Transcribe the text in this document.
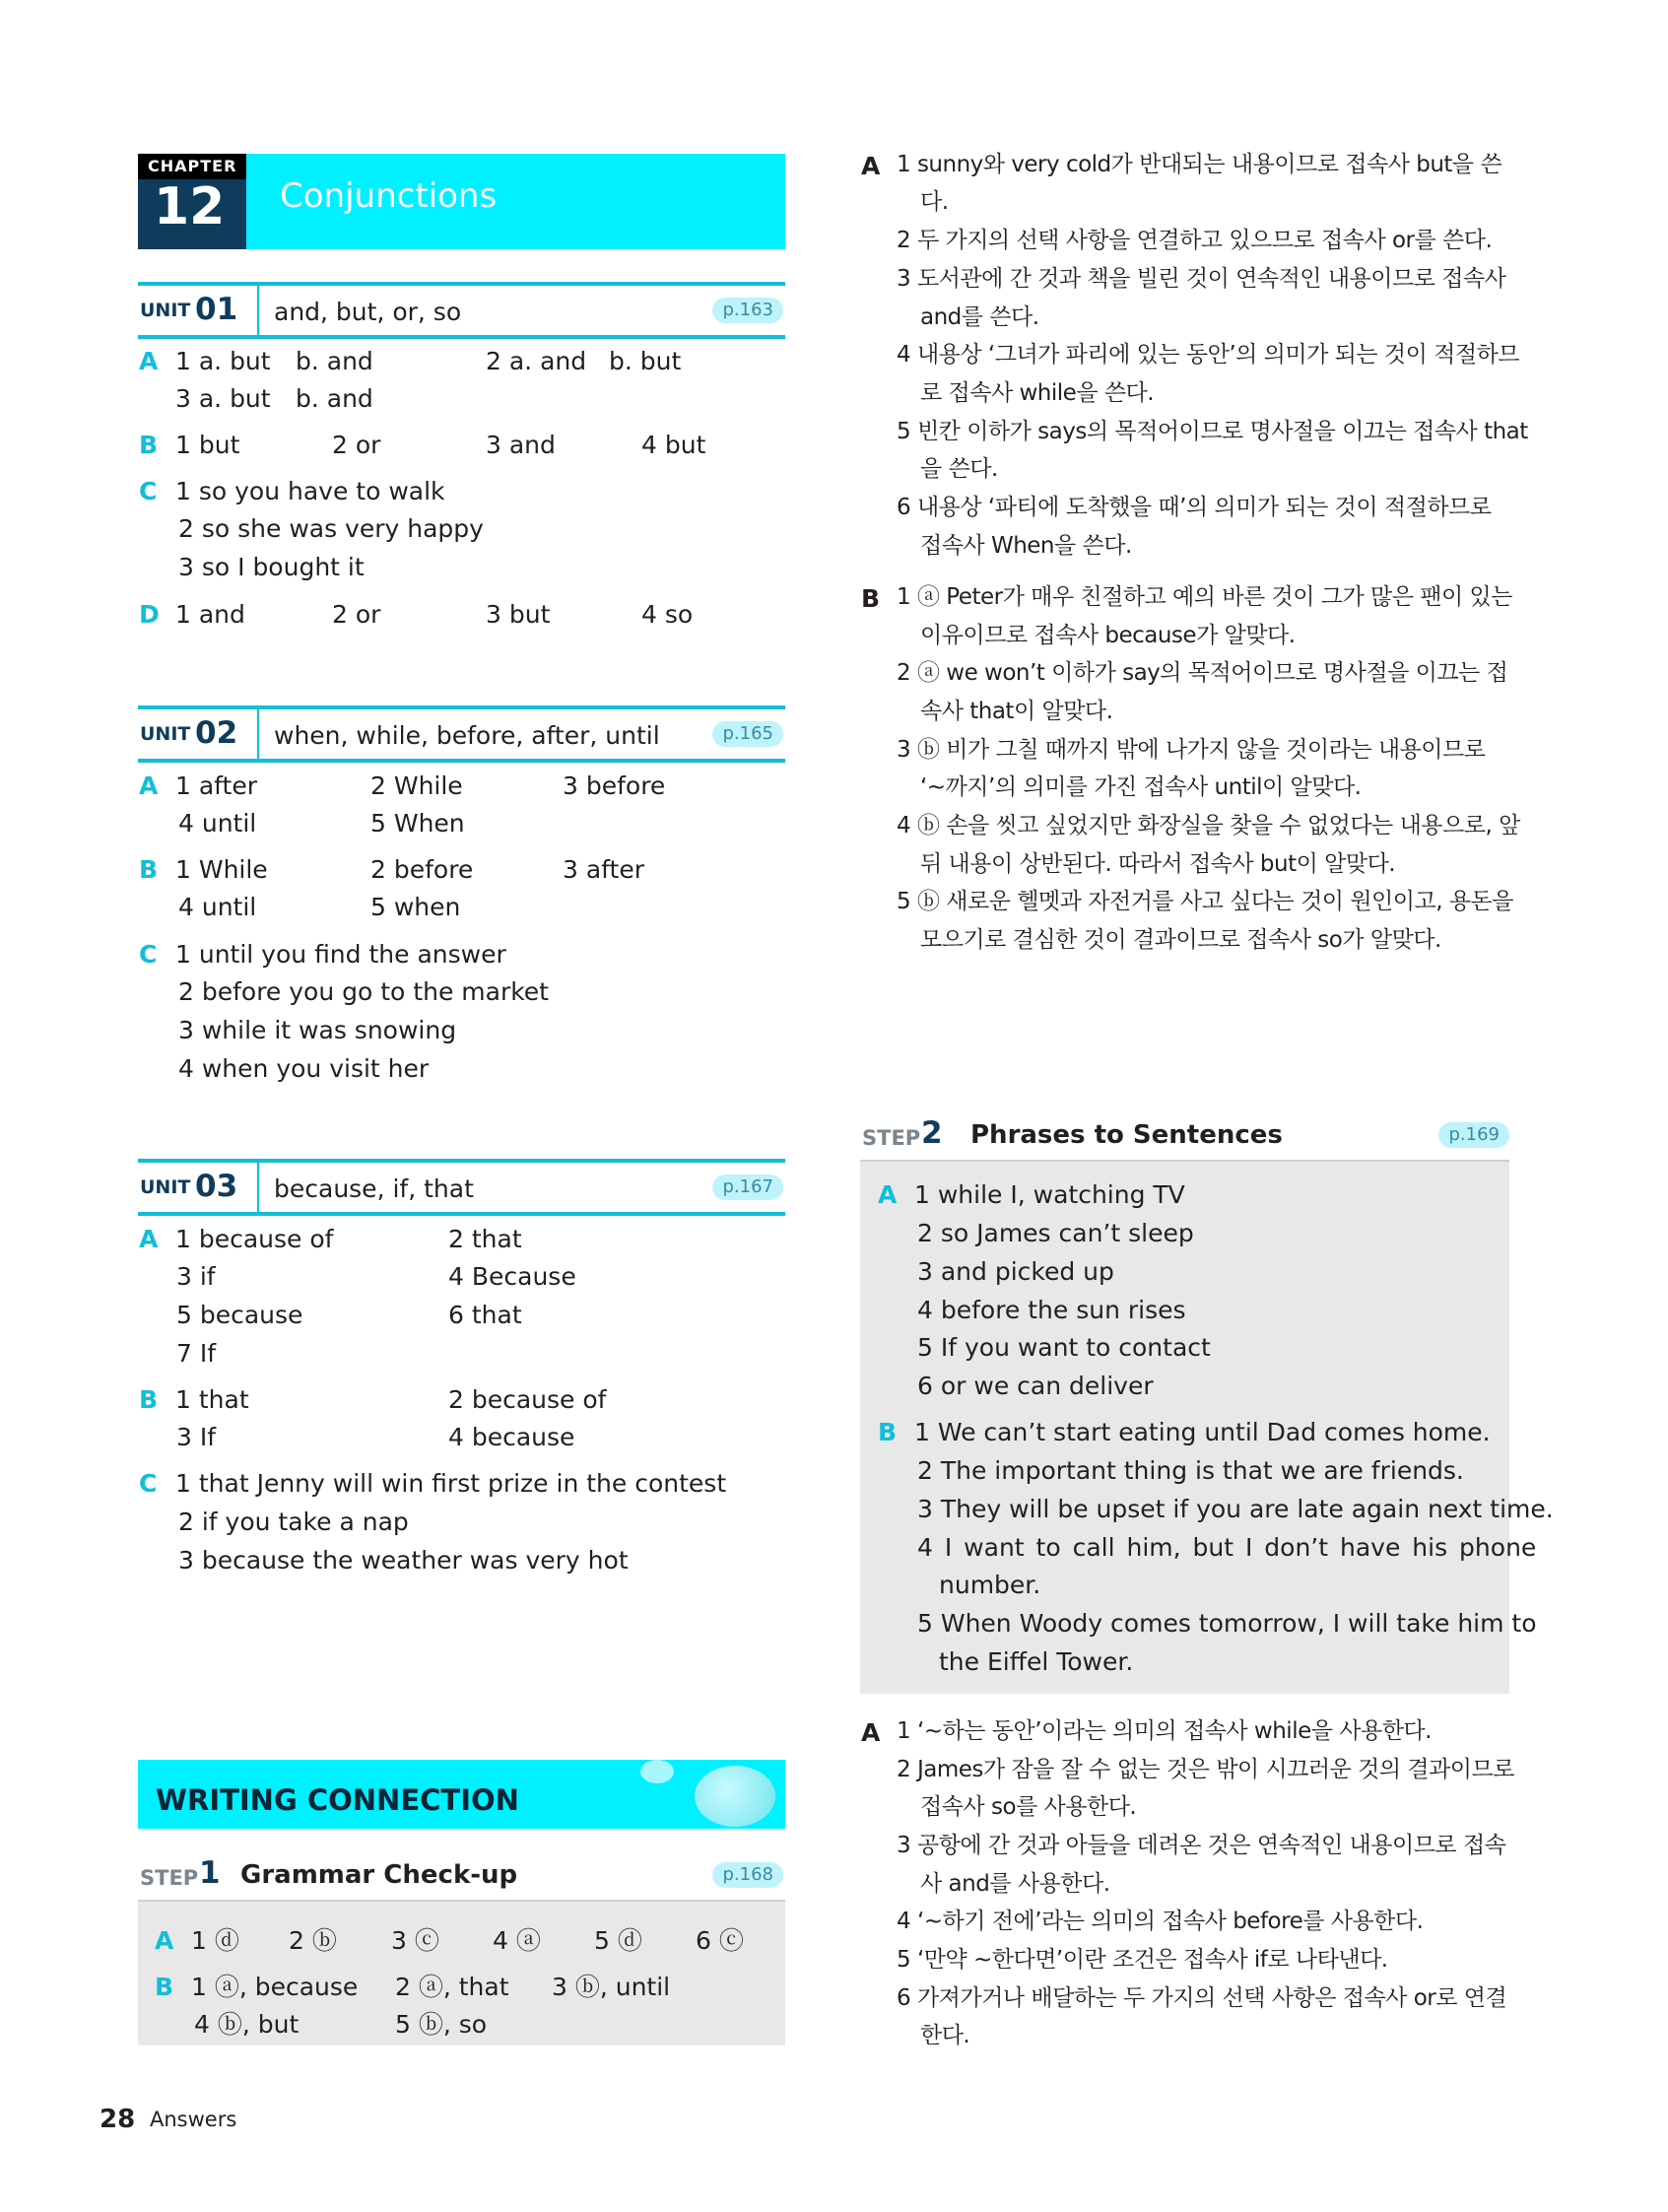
CHAPTER
12 Conjunctions
UNIT 01 and, but, or, so	p.163
A 1 a. but b. and	2 a. and b. but
3 a. but b. and
B 1 but	2 or	3 and	4 but
C 1 so you have to walk
2 so she was very happy
3 so I bought it
D 1 and	2 or	3 but	4 so
UNIT 02 when, while, before, after, until	p.165
A 1 after	2 While	3 before
4 until	5 When
B 1 While	2 before	3 after
4 until	5 when
C 1 until you find the answer
2 before you go to the market
3 while it was snowing
4 when you visit her
UNIT 03 because, if, that	p.167
A 1 because of	2 that
3 if	4 Because
5 because	6 that
7 If
B 1 that	2 because of
3 If	4 because
C 1 that Jenny will win first prize in the contest
2 if you take a nap
3 because the weather was very hot
WRITING CONNECTION
STEP 1 Grammar Check-up	p.168
A 1 ⓓ 2 ⓑ 3 ⓒ 4 ⓐ 5 ⓓ 6 ⓒ
B 1 ⓐ, because 2 ⓐ, that 3 ⓑ, until
4 ⓑ, but	5 ⓑ, so
28 Answers
A 1 sunny와 very cold가 반대되는 내용이므로 접속사 but을 쓴
다.
2 두 가지의 선택 사항을 연결하고 있으므로 접속사 or를 쓴다.
3 도서관에 간 것과 책을 빌린 것이 연속적인 내용이므로 접속사
and를 쓴다.
4 내용상 ‘그녀가 파리에 있는 동안’의 의미가 되는 것이 적절하므
로 접속사 while을 쓴다.
5 빈칸 이하가 says의 목적어이므로 명사절을 이끄는 접속사 that
을 쓴다.
6 내용상 ‘파티에 도착했을 때’의 의미가 되는 것이 적절하므로
접속사 When을 쓴다.
B 1 ⓐ Peter가 매우 친절하고 예의 바른 것이 그가 많은 팬이 있는
이유이므로 접속사 because가 알맞다.
2 ⓐ we won’t 이하가 say의 목적어이므로 명사절을 이끄는 접
속사 that이 알맞다.
3 ⓑ 비가 그칠 때까지 밖에 나가지 않을 것이라는 내용이므로
‘~까지’의 의미를 가진 접속사 until이 알맞다.
4 ⓑ 손을 씻고 싶었지만 화장실을 찾을 수 없었다는 내용으로, 앞
뒤 내용이 상반된다. 따라서 접속사 but이 알맞다.
5 ⓑ 새로운 헬멧과 자전거를 사고 싶다는 것이 원인이고, 용돈을
모으기로 결심한 것이 결과이므로 접속사 so가 알맞다.
STEP 2 Phrases to Sentences	p.169
A 1 while I, watching TV
2 so James can’t sleep
3 and picked up
4 before the sun rises
5 If you want to contact
6 or we can deliver
B 1 We can’t start eating until Dad comes home.
2 The important thing is that we are friends.
3 They will be upset if you are late again next time.
4 I want to call him, but I don’t have his phone
number.
5 When Woody comes tomorrow, I will take him to
the Eiffel Tower.
A 1 ‘~하는 동안’이라는 의미의 접속사 while을 사용한다.
2 James가 잠을 잘 수 없는 것은 밖이 시끄러운 것의 결과이므로
접속사 so를 사용한다.
3 공항에 간 것과 아들을 데려온 것은 연속적인 내용이므로 접속
사 and를 사용한다.
4 ‘~하기 전에’라는 의미의 접속사 before를 사용한다.
5 ‘만약 ~한다면’이란 조건은 접속사 if로 나타낸다.
6 가져가거나 배달하는 두 가지의 선택 사항은 접속사 or로 연결
한다.
